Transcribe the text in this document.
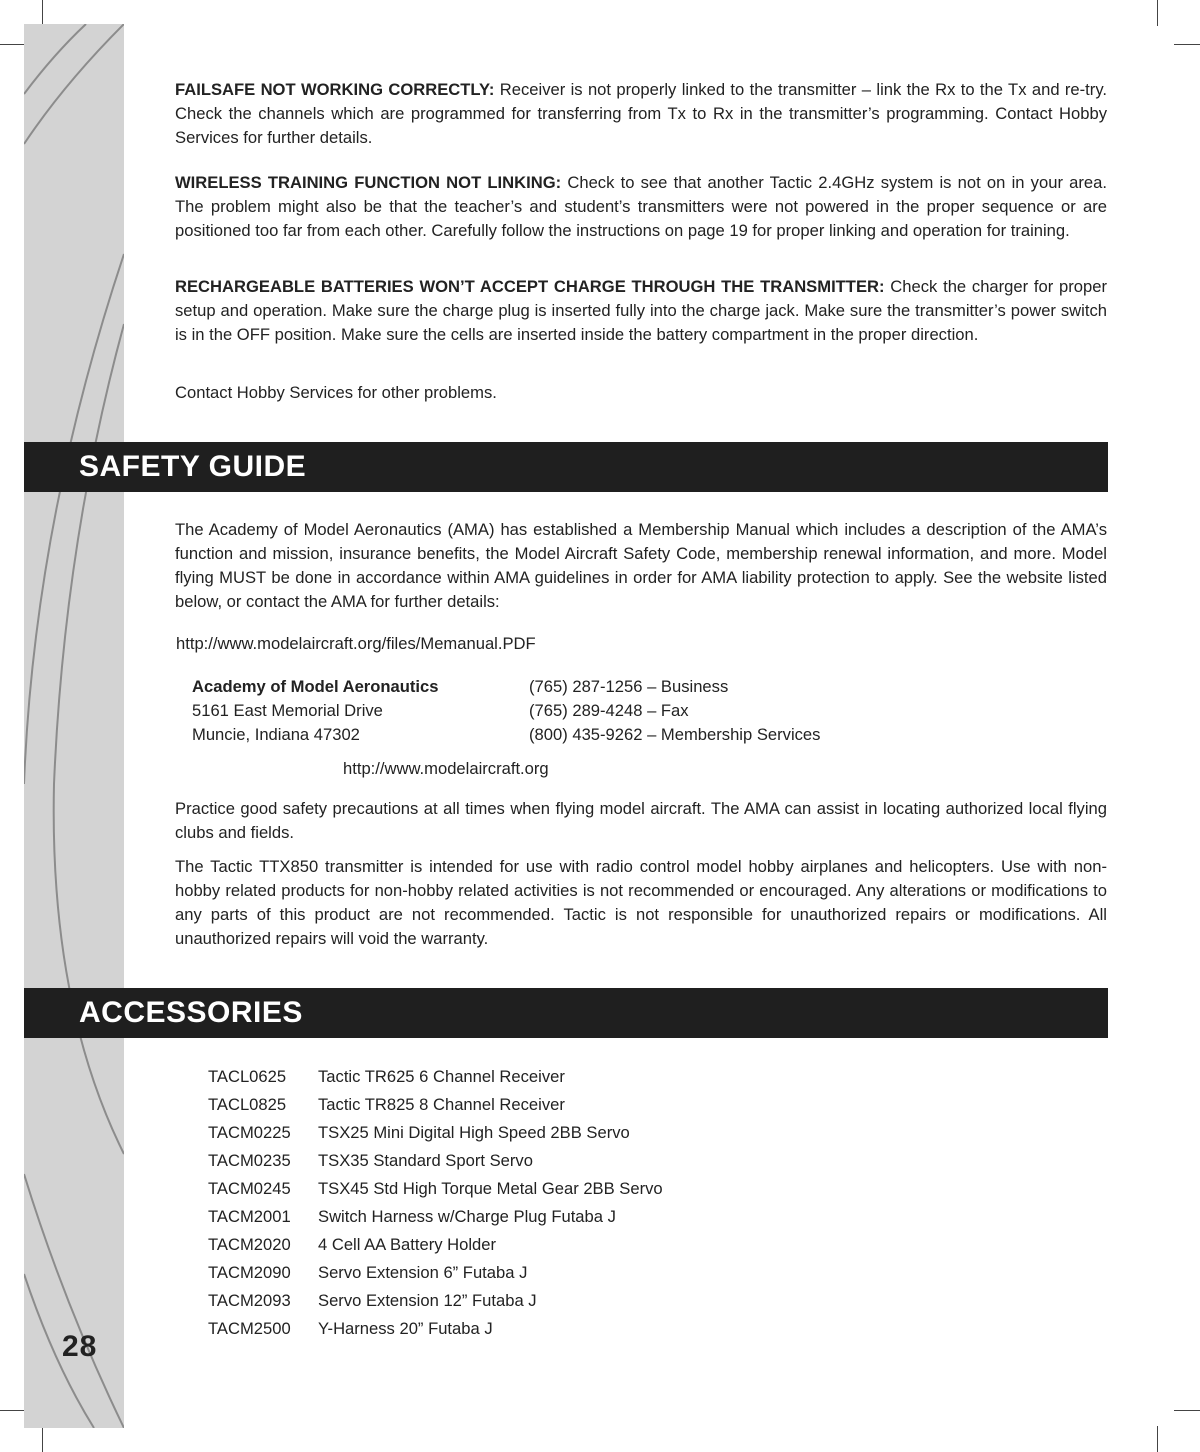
FAILSAFE NOT WORKING CORRECTLY: Receiver is not properly linked to the transmitter – link the Rx to the Tx and re-try. Check the channels which are programmed for transferring from Tx to Rx in the transmitter’s programming. Contact Hobby Services for further details.

WIRELESS TRAINING FUNCTION NOT LINKING: Check to see that another Tactic 2.4GHz system is not on in your area. The problem might also be that the teacher’s and student’s transmitters were not powered in the proper sequence or are positioned too far from each other. Carefully follow the instructions on page 19 for proper linking and operation for training.

RECHARGEABLE BATTERIES WON’T ACCEPT CHARGE THROUGH THE TRANSMITTER: Check the charger for proper setup and operation. Make sure the charge plug is inserted fully into the charge jack. Make sure the transmitter’s power switch is in the OFF position. Make sure the cells are inserted inside the battery compartment in the proper direction.

Contact Hobby Services for other problems.

SAFETY GUIDE

The Academy of Model Aeronautics (AMA) has established a Membership Manual which includes a description of the AMA’s function and mission, insurance benefits, the Model Aircraft Safety Code, membership renewal information, and more. Model flying MUST be done in accordance within AMA guidelines in order for AMA liability protection to apply. See the website listed below, or contact the AMA for further details:

http://www.modelaircraft.org/files/Memanual.PDF
Academy of Model Aeronautics
5161 East Memorial Drive
Muncie, Indiana 47302
(765) 287-1256 – Business
(765) 289-4248 – Fax
(800) 435-9262 – Membership Services
http://www.modelaircraft.org

Practice good safety precautions at all times when flying model aircraft. The AMA can assist in locating authorized local flying clubs and fields.

The Tactic TTX850 transmitter is intended for use with radio control model hobby airplanes and helicopters. Use with non-hobby related products for non-hobby related activities is not recommended or encouraged. Any alterations or modifications to any parts of this product are not recommended. Tactic is not responsible for unauthorized repairs or modifications. All unauthorized repairs will void the warranty.

ACCESSORIES
TACL0625 Tactic TR625 6 Channel Receiver
TACL0825 Tactic TR825 8 Channel Receiver
TACM0225 TSX25 Mini Digital High Speed 2BB Servo
TACM0235 TSX35 Standard Sport Servo
TACM0245 TSX45 Std High Torque Metal Gear 2BB Servo
TACM2001 Switch Harness w/Charge Plug Futaba J
TACM2020 4 Cell AA Battery Holder
TACM2090 Servo Extension 6” Futaba J
TACM2093 Servo Extension 12” Futaba J
TACM2500 Y-Harness 20” Futaba J
28
